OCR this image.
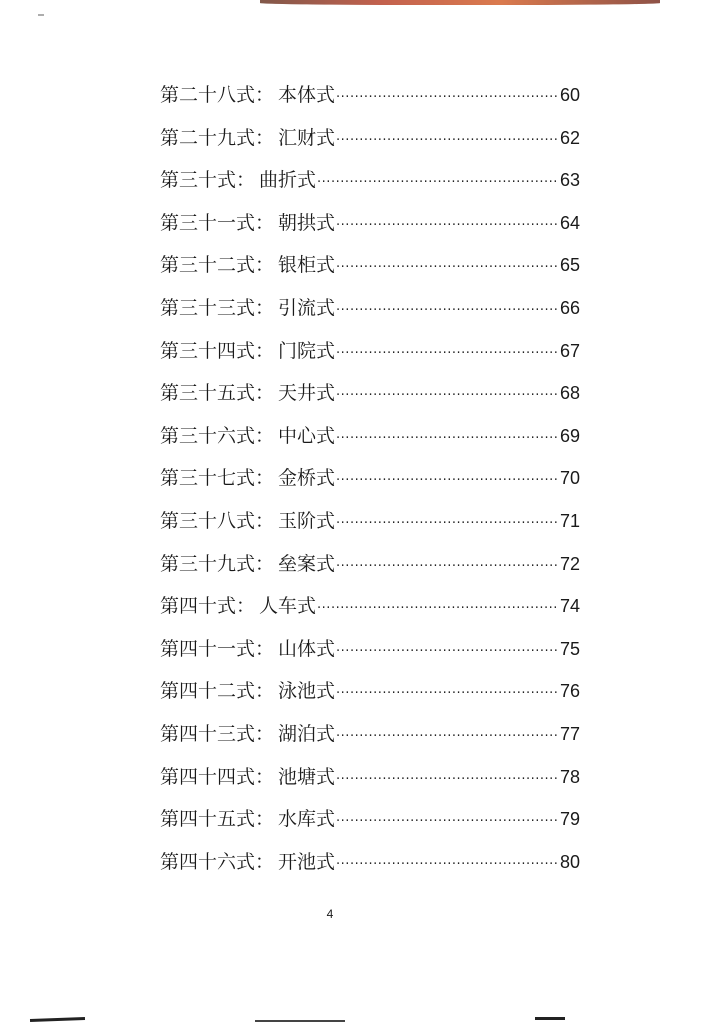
第二十八式 ： 本体式 ·····	60
第二十九式 ： 汇财式 ·····	62
第三十式 ： 曲折式 ·····	63
第三十一式 ： 朝拱式 ·····	64
第三十二式 ： 银柜式 ·····	65
第三十三式 ： 引流式 ·····	66
第三十四式 ： 门院式 ·····	67
第三十五式 ： 天井式 ·····	68
第三十六式 ： 中心式 ·····	69
第三十七式 ： 金桥式 ·····	70
第三十八式 ： 玉阶式 ·····	71
第三十九式 ： 垒案式 ·····	72
第四十式 ： 人车式 ·····	74
第四十一式 ： 山体式 ·····	75
第四十二式 ： 泳池式 ·····	76
第四十三式 ： 湖泊式 ·····	77
第四十四式 ： 池塘式 ·····	78
第四十五式 ： 水库式 ·····	79
第四十六式 ： 开池式 ·····	80
4
